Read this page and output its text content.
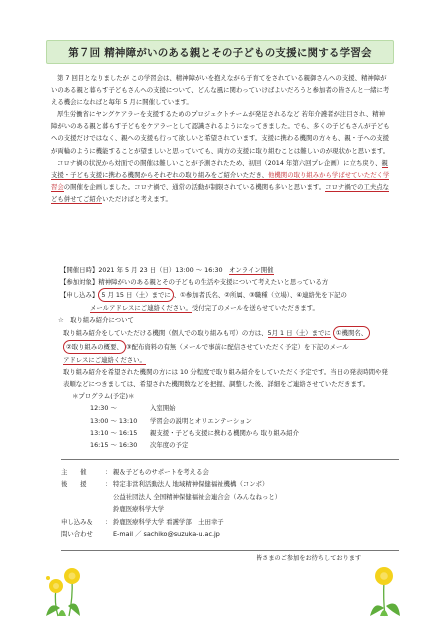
第７回 精神障がいのある親とその子どもの支援に関する学習会

第 7 回目となりましたが この学習会は、精神障がいを抱えながら子育てをされている親御さんへの支援、精神障がいのある親と暮らす子どもさんへの支援について、どんな風に関わっていけばよいだろうと参加者の皆さんと一緒に考える機会になればと毎年 5 月に開催しています。

厚生労働省にヤングケアラーを支援するためのプロジェクトチームが発足されるなど 若年介護者が注目され、精神障がいのある親と暮らす子どもをケアラーとして認識されるようになってきました。でも、多くの子どもさんが子どもへの支援だけではなく、親への支援も行って欲しいと希望されています。支援に携わる機関の方々も、親・子への支援が両輪のように機能することが望ましいと思っていても、両方の支援に取り組むことは難しいのが現状かと思います。

コロナ禍の状況から対面での開催は難しいことが予測されたため、初回（2014 年第六回プレ企画）に立ち戻り、親支援・子ども支援に携わる機関からそれぞれの取り組みをご紹介いただき、他機関の取り組みから学ばせていただく学習会の開催を企画しました。コロナ禍で、通常の活動が制限されている機関も多いと思います。コロナ禍での工夫点なども併せてご紹介いただけばと考えます。

【開催日時】2021 年 5 月 23 日（日）13:00 ～ 16:30　 オンライン開催
【参加対象】精神障がいのある親とその子どもの生活や支援について考えたいと思っている方
【申し込み】 5 月 15 日（土）までに 、①参加者氏名、②所属、③職種（立場）、④連絡先を下記の
メールアドレスにご連絡ください。受付完了のメールを送らせていただきます。
☆　取り組み紹介について
取り組み紹介をしていただける機関（個人での取り組みも可）の方は、5月 1 日（土）までに ①機関名、
②取り組みの概要、 ③配布資料の有無（メールで事前に配信させていただく予定）を下記のメール
アドレスにご連絡ください。
取り組み紹介を希望された機関の方には 10 分程度で取り組み紹介をしていただく予定です。当日の発表時間や発表順などにつきましては、希望された機関数などを把握、調整した後、詳細をご連絡させていただきます。
＊プログラム(予定)＊
12:30 ～	入室開始
13:00 ～ 13:10 学習会の説明とオリエンテーション
13:10 ～ 16:15 親支援・子ども支援に携わる機関から 取り組み紹介
16:15 ～ 16:30 次年度の予定
主　　催	： 親＆子どものサポートを考える会
後　　援	： 特定非営利活動法人 地域精神保健福祉機構（コンボ）
公益社団法人 全国精神保健福祉会連合会（みんなねっと）
鈴鹿医療科学大学
申し込み＆	： 鈴鹿医療科学大学 看護学部　土田幸子
問い合わせ	E-mail ／ sachiko@suzuka-u.ac.jp
皆さまのご参加をお待ちしております
